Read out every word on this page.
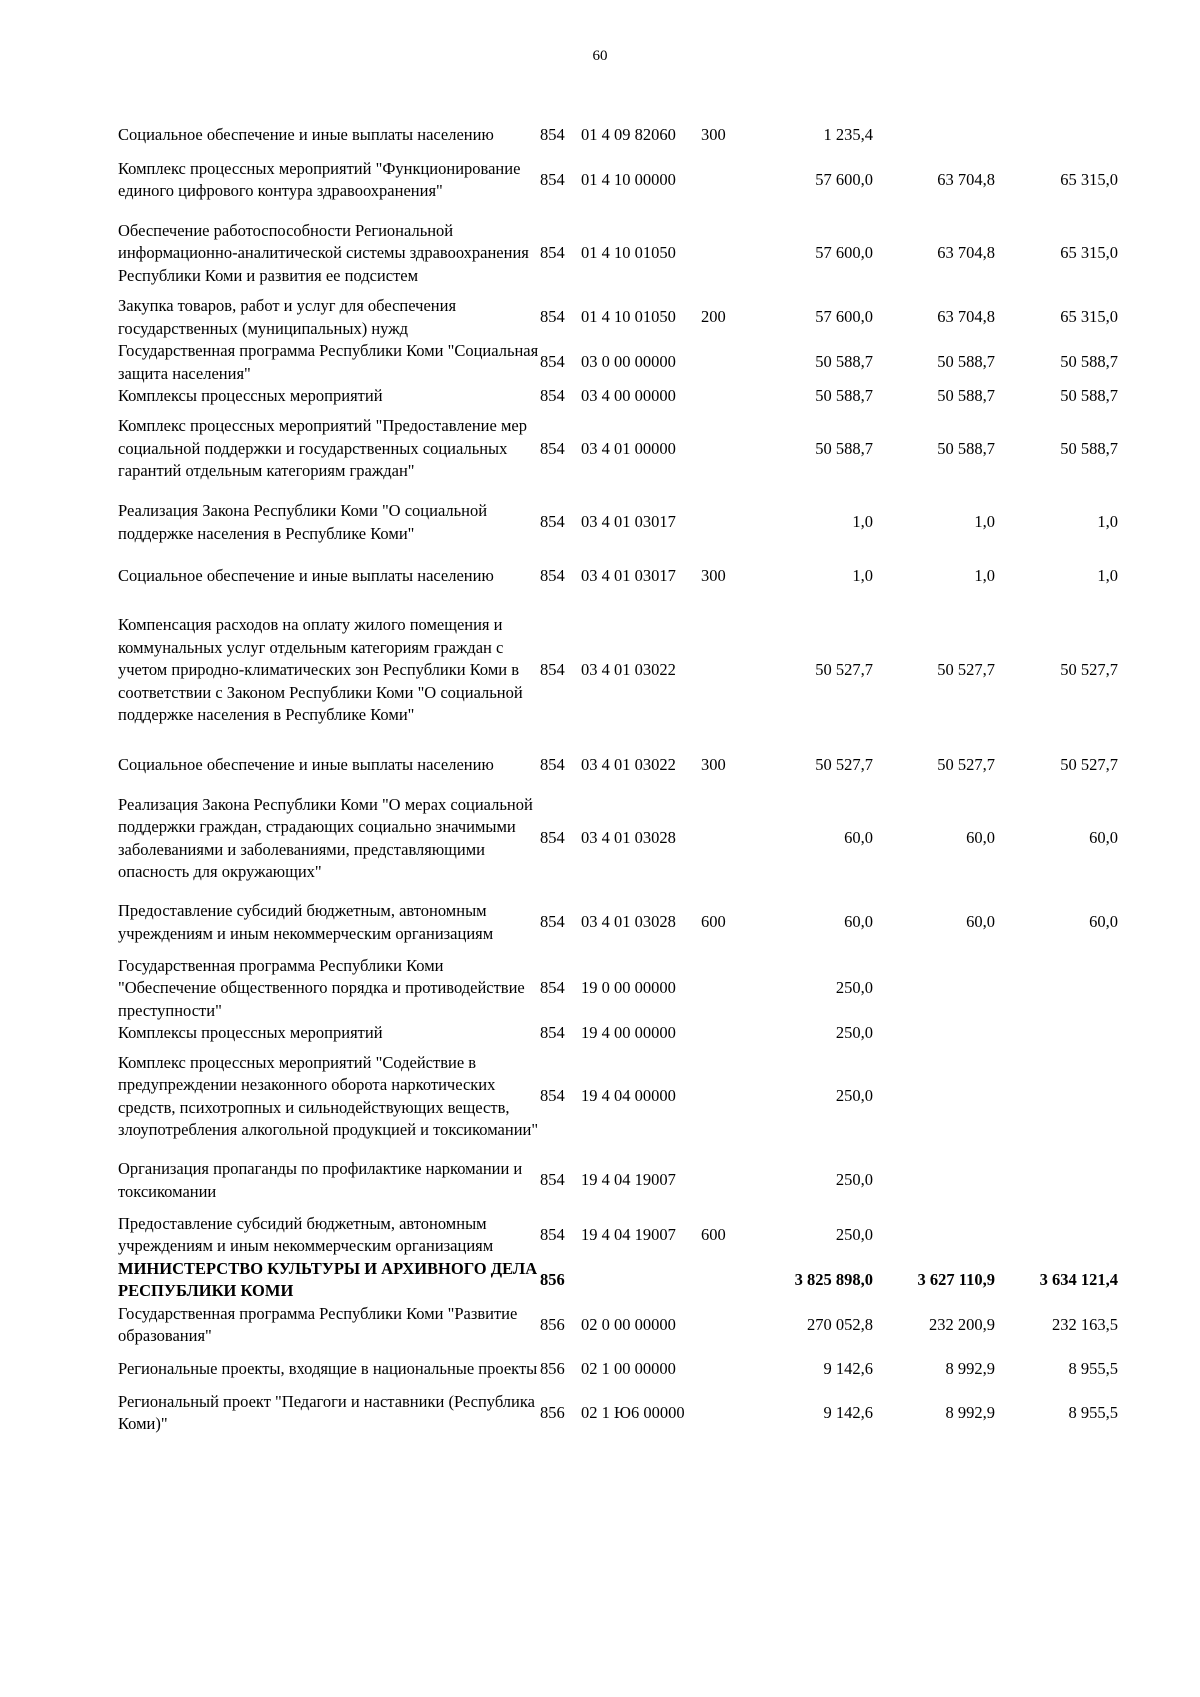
60
Социальное обеспечение и иные выплаты населению	854	01 4 09 82060	300	1 235,4		
Комплекс процессных мероприятий "Функционирование единого цифрового контура здравоохранения"	854	01 4 10 00000		57 600,0	63 704,8	65 315,0
Обеспечение работоспособности Региональной информационно-аналитической системы здравоохранения Республики Коми и развития ее подсистем	854	01 4 10 01050		57 600,0	63 704,8	65 315,0
Закупка товаров, работ и услуг для обеспечения государственных (муниципальных) нужд	854	01 4 10 01050	200	57 600,0	63 704,8	65 315,0
Государственная программа Республики Коми "Социальная защита населения"	854	03 0 00 00000		50 588,7	50 588,7	50 588,7
Комплексы процессных мероприятий	854	03 4 00 00000		50 588,7	50 588,7	50 588,7
Комплекс процессных мероприятий "Предоставление мер социальной поддержки и государственных социальных гарантий отдельным категориям граждан"	854	03 4 01 00000		50 588,7	50 588,7	50 588,7
Реализация Закона Республики Коми "О социальной поддержке населения в Республике Коми"	854	03 4 01 03017		1,0	1,0	1,0
Социальное обеспечение и иные выплаты населению	854	03 4 01 03017	300	1,0	1,0	1,0
Компенсация расходов на оплату жилого помещения и коммунальных услуг отдельным категориям граждан с учетом природно-климатических зон Республики Коми в соответствии с Законом Республики Коми "О социальной поддержке населения в Республике Коми"	854	03 4 01 03022		50 527,7	50 527,7	50 527,7
Социальное обеспечение и иные выплаты населению	854	03 4 01 03022	300	50 527,7	50 527,7	50 527,7
Реализация Закона Республики Коми "О мерах социальной поддержки граждан, страдающих социально значимыми заболеваниями и заболеваниями, представляющими опасность для окружающих"	854	03 4 01 03028		60,0	60,0	60,0
Предоставление субсидий бюджетным, автономным учреждениям и иным некоммерческим организациям	854	03 4 01 03028	600	60,0	60,0	60,0
Государственная программа Республики Коми "Обеспечение общественного порядка и противодействие преступности"	854	19 0 00 00000		250,0		
Комплексы процессных мероприятий	854	19 4 00 00000		250,0		
Комплекс процессных мероприятий "Содействие в предупреждении незаконного оборота наркотических средств, психотропных и сильнодействующих веществ, злоупотребления алкогольной продукцией и токсикомании"	854	19 4 04 00000		250,0		
Организация пропаганды по профилактике наркомании и токсикомании	854	19 4 04 19007		250,0		
Предоставление субсидий бюджетным, автономным учреждениям и иным некоммерческим организациям	854	19 4 04 19007	600	250,0		
МИНИСТЕРСТВО КУЛЬТУРЫ И АРХИВНОГО ДЕЛА РЕСПУБЛИКИ КОМИ	856			3 825 898,0	3 627 110,9	3 634 121,4
Государственная программа Республики Коми "Развитие образования"	856	02 0 00 00000		270 052,8	232 200,9	232 163,5
Региональные проекты, входящие в национальные проекты	856	02 1 00 00000		9 142,6	8 992,9	8 955,5
Региональный проект "Педагоги и наставники (Республика Коми)"	856	02 1 Ю6 00000		9 142,6	8 992,9	8 955,5
